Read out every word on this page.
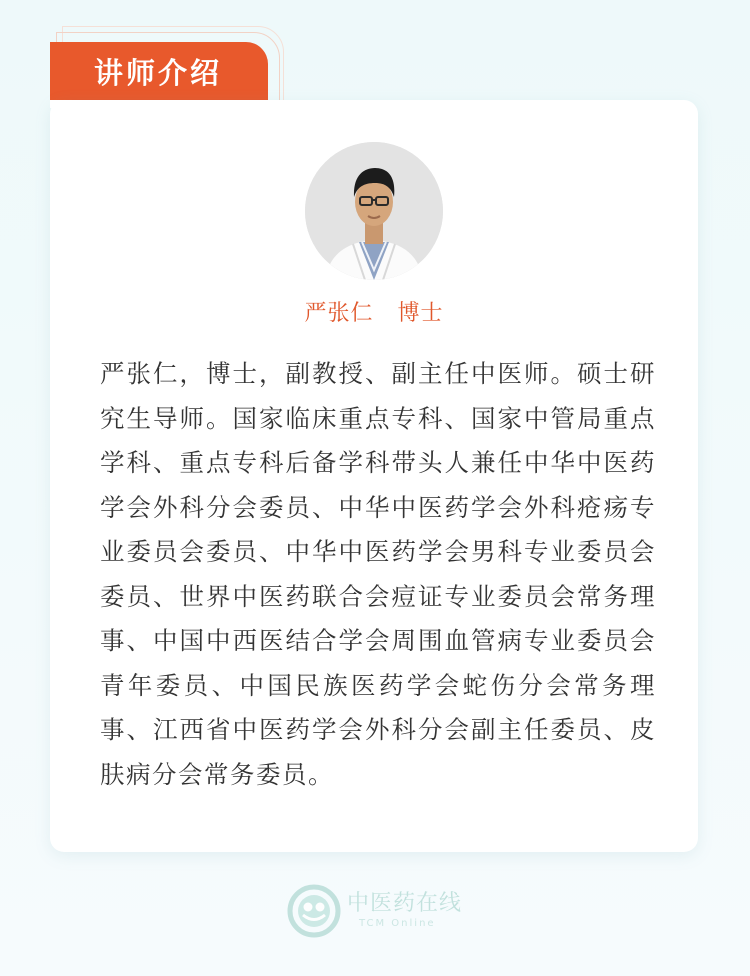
讲师介绍
严张仁   博士

严张仁，博士，副教授、副主任中医师。硕士研究生导师。国家临床重点专科、国家中管局重点学科、重点专科后备学科带头人兼任中华中医药学会外科分会委员、中华中医药学会外科疮疡专业委员会委员、中华中医药学会男科专业委员会委员、世界中医药联合会痘证专业委员会常务理事、中国中西医结合学会周围血管病专业委员会青年委员、中国民族医药学会蛇伤分会常务理事、江西省中医药学会外科分会副主任委员、皮肤病分会常务委员。

中医药在线
TCM Online
